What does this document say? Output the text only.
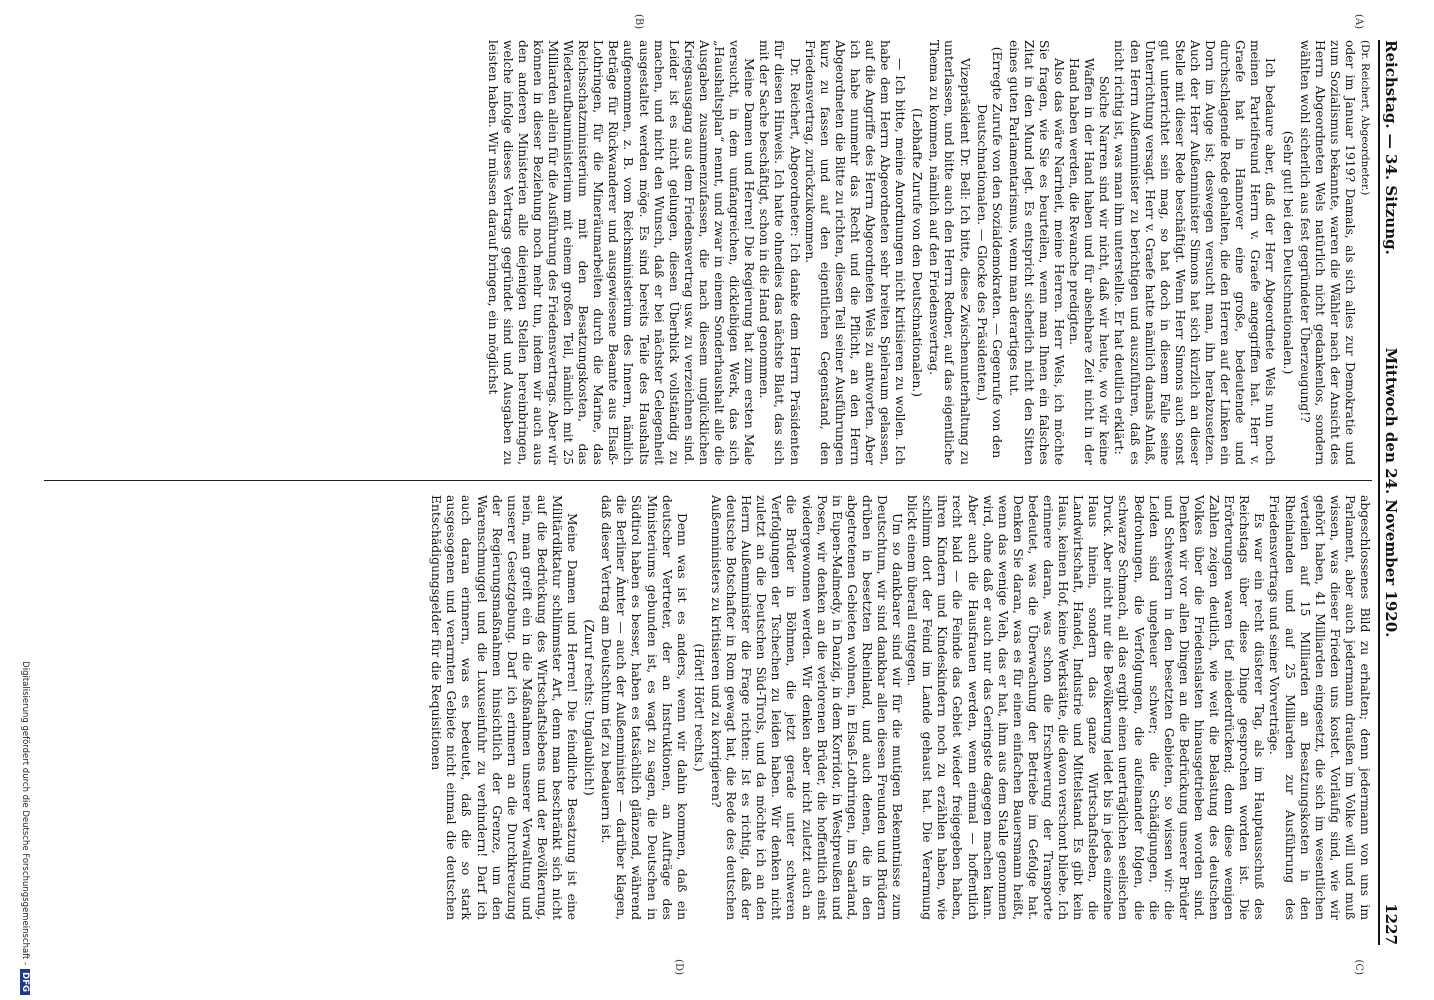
Reichstag. — 34. Sitzung.
Mittwoch den 24. November 1920.
1227
(A)
(B)
(C)
(D)

(Dr. Reichert, Abgeordneter.)

oder im Januar 1919? Damals, als sich alles zur Demokratie und zum Sozialismus bekannte, waren die Wähler nach der Ansicht des Herrn Abgeordneten Wels natürlich nicht gedankenlos, sondern wählten wohl sicherlich aus fest gegründeter Überzeugung!?

(Sehr gut! bei den Deutschnationalen.)

Ich bedaure aber, daß der Herr Abgeordnete Wels nun noch meinen Parteifreund Herrn v. Graefe angegriffen hat. Herr v. Graefe hat in Hannover eine große, bedeutende und durchschlagende Rede gehalten, die den Herren auf der Linken ein Dorn im Auge ist; deswegen versucht man, ihn herabzusetzen. Auch der Herr Außenminister Simons hat sich kürzlich an dieser Stelle mit dieser Rede beschäftigt. Wenn Herr Simons auch sonst gut unterrichtet sein mag, so hat doch in diesem Falle seine Unterrichtung versagt. Herr v. Graefe hatte nämlich damals Anlaß, den Herrn Außenminister zu berichtigen und auszuführen, daß es nicht richtig ist, was man ihm unterstellte. Er hat deutlich erklärt:

Solche Narren sind wir nicht, daß wir heute, wo wir keine Waffen in der Hand haben und für absehbare Zeit nicht in der Hand haben werden, die Revanche predigten.

Also das wäre Narrheit, meine Herren. Herr Wels, ich möchte Sie fragen, wie Sie es beurteilen, wenn man Ihnen ein falsches Zitat in den Mund legt. Es entspricht sicherlich nicht den Sitten eines guten Parlamentarismus, wenn man derartiges tut.

(Erregte Zurufe von den Sozialdemokraten. — Gegenrufe von den Deutschnationalen. — Glocke des Präsidenten.)

Vizepräsident Dr. Bell: Ich bitte, diese Zwischenunterhaltung zu unterlassen, und bitte auch den Herrn Redner, auf das eigentliche Thema zu kommen, nämlich auf den Friedensvertrag.

(Lebhafte Zurufe von den Deutschnationalen.)

— Ich bitte, meine Anordnungen nicht kritisieren zu wollen. Ich habe dem Herrn Abgeordneten sehr breiten Spielraum gelassen, auf die Angriffe des Herrn Abgeordneten Wels zu antworten. Aber ich habe nunmehr das Recht und die Pflicht, an den Herrn Abgeordneten die Bitte zu richten, diesen Teil seiner Ausführungen kurz zu fassen und auf den eigentlichen Gegenstand, den Friedensvertrag, zurückzukommen.

Dr. Reichert, Abgeordneter: Ich danke dem Herrn Präsidenten für diesen Hinweis. Ich hatte ohnedies das nächste Blatt, das sich mit der Sache beschäftigt, schon in die Hand genommen.

Meine Damen und Herren! Die Regierung hat zum ersten Male versucht, in dem umfangreichen, dickleibigen Werk, das sich „Haushaltsplan“ nennt, und zwar in einem Sonderhaushalt alle die Ausgaben zusammenzufassen, die nach diesem unglücklichen Kriegsausgang aus dem Friedensvertrag usw. zu verzeichnen sind. Leider ist es nicht gelungen, diesen Überblick vollständig zu machen, und nicht den Wunsch, daß er bei nächster Gelegenheit ausgestaltet werden möge. Es sind bereits Teile des Haushalts aufgenommen, z. B. vom Reichsministerium des Innern, nämlich Beträge für Rückwanderer und ausgewiesene Beamte aus Elsaß-Lothringen, für die Mineräumarbeiten durch die Marine, das Reichsschatzministerium mit den Besatzungskosten, das Wiederaufbauministerium mit einem großen Teil, nämlich mit 25 Milliarden allein für die Ausführung des Friedensvertrags. Aber wir können in dieser Beziehung noch mehr tun, indem wir auch aus den anderen Ministerien alle diejenigen Stellen hereinbringen, welche infolge dieses Vertrags gegründet sind und Ausgaben zu leisten haben. Wir müssen darauf bringen, ein möglichst

abgeschlossenes Bild zu erhalten; denn jedermann von uns im Parlament, aber auch jedermann draußen im Volke will und muß wissen, was dieser Frieden uns kostet. Vorläufig sind, wie wir gehört haben, 41 Milliarden eingesetzt, die sich im wesentlichen verteilen auf 15 Milliarden an Besatzungskosten in den Rheinlanden und auf 25 Milliarden zur Ausführung des Friedensvertrags und seiner Vorverträge.

Es war ein recht düsterer Tag, als im Hauptausschuß des Reichstags über diese Dinge gesprochen worden ist. Die Erörterungen waren tief niederdrückend; denn diese wenigen Zahlen zeigen deutlich, wie weit die Belastung des deutschen Volkes über die Friedenslasten hinausgetrieben worden sind. Denken wir vor allen Dingen an die Bedrückung unserer Brüder und Schwestern in den besetzten Gebieten, so wissen wir: die Leiden sind ungeheuer schwer; die Schädigungen, die Bedrohungen, die Verfolgungen, die aufeinander folgen, die schwarze Schmach, all das ergibt einen unerträglichen seelischen Druck. Aber nicht nur die Bevölkerung leidet bis in jedes einzelne Haus hinein, sondern das ganze Wirtschaftsleben, die Landwirtschaft, Handel, Industrie und Mittelstand. Es gibt kein Haus, keinen Hof, keine Werkstätte, die davon verschont bliebe. Ich erinnere daran, was schon die Erschwerung der Transporte bedeutet, was die Überwachung der Betriebe im Gefolge hat. Denken Sie daran, was es für einen einfachen Bauersmann heißt, wenn das wenige Vieh, das er hat, ihm aus dem Stalle genommen wird, ohne daß er auch nur das Geringste dagegen machen kann. Aber auch die Hausfrauen werden, wenn einmal — hoffentlich recht bald — die Feinde das Gebiet wieder freigegeben haben, ihren Kindern und Kindeskindern noch zu erzählen haben, wie schlimm dort der Feind im Lande gehaust hat. Die Verarmung blickt einem überall entgegen.

Um so dankbarer sind wir für die mutigen Bekenntnisse zum Deutschtum, wir sind dankbar allen diesen Freunden und Brüdern drüben in besetzten Rheinland, und auch denen, die in den abgetretenen Gebieten wohnen, in Elsaß-Lothringen, im Saarland, in Eupen-Malmedy, in Danzig, in dem Korridor, in Westpreußen und Posen, wir denken an die verlorenen Brüder, die hoffentlich einst wiedergewonnen werden. Wir denken aber nicht zuletzt auch an die Brüder in Böhmen, die jetzt gerade unter schweren Verfolgungen der Tschechen zu leiden haben. Wir denken nicht zuletzt an die Deutschen Süd-Tirols, und da möchte ich an den Herrn Außenminister die Frage richten: Ist es richtig, daß der deutsche Botschafter in Rom gewagt hat, die Rede des deutschen Außenministers zu kritisieren und zu korrigieren?

(Hört! Hört! rechts.)

Denn was ist es anders, wenn wir dahin kommen, daß ein deutscher Vertreter, der an Instruktionen, an Aufträge des Ministeriums gebunden ist, es wagt zu sagen, die Deutschen in Südtirol haben es besser, haben es tatsächlich glänzend, während die Berliner Ämter — auch der Außenminister — darüber klagen, daß dieser Vertrag am Deutschtum tief zu bedauern ist.

(Zuruf rechts: Unglaublich!)

Meine Damen und Herren! Die feindliche Besatzung ist eine Militärdiktatur schlimmster Art, denn man beschränkt sich nicht auf die Bedrückung des Wirtschaftslebens und der Bevölkerung, nein, man greift ein in die Maßnahmen unserer Verwaltung und unserer Gesetzgebung. Darf ich erinnern an die Durchkreuzung der Regierungsmaßnahmen hinsichtlich der Grenze, um den Warenschmuggel und die Luxuseinfuhr zu verhindern! Darf ich auch daran erinnern, was es bedeutet, daß die so stark ausgesogenen und verarmten Gebiete nicht einmal die deutschen Entschädigungsgelder für die Requisitionen

Digitalisierung gefördert durch die Deutsche Forschungsgemeinschaft -DFG
